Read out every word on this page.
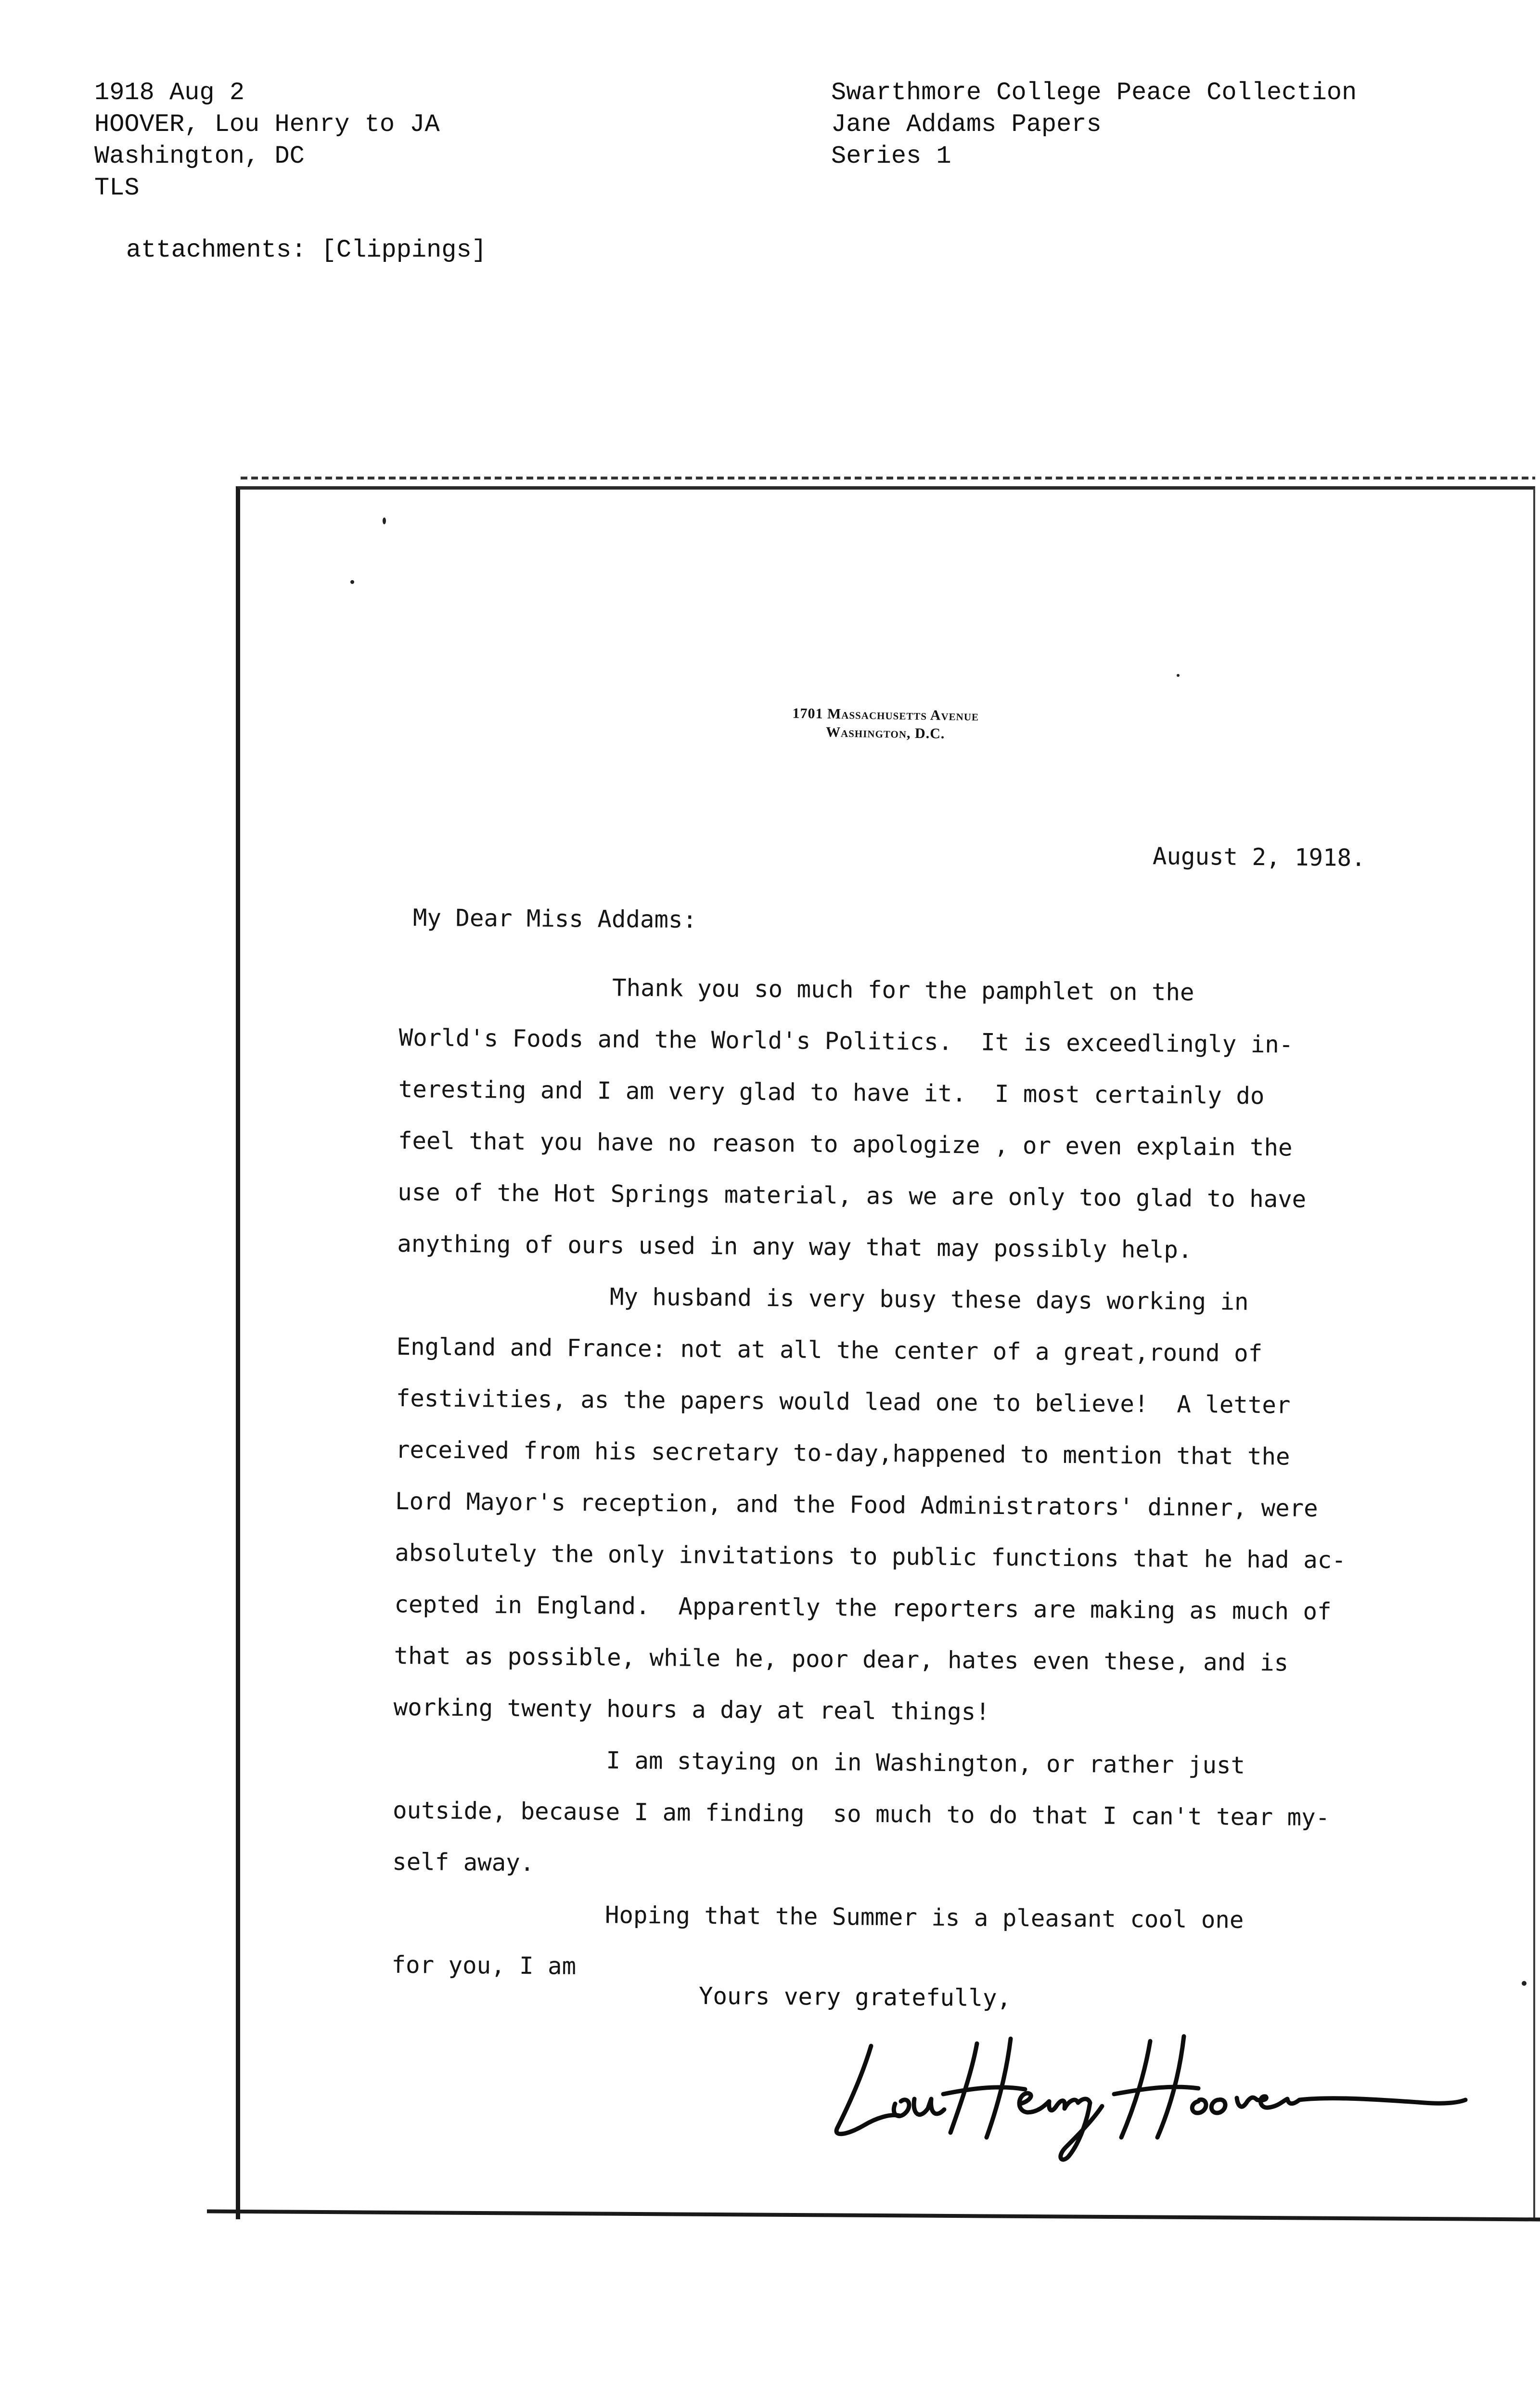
1918 Aug 2
HOOVER, Lou Henry to JA
Washington, DC
TLS
Swarthmore College Peace Collection
Jane Addams Papers
Series 1
attachments: [Clippings]
1701 Massachusetts Avenue
Washington, D.C.
August 2, 1918.
My Dear Miss Addams:
Thank you so much for the pamphlet on the
World's Foods and the World's Politics.  It is exceedlingly in-
teresting and I am very glad to have it.  I most certainly do
feel that you have no reason to apologize , or even explain the
use of the Hot Springs material, as we are only too glad to have
anything of ours used in any way that may possibly help.
My husband is very busy these days working in
England and France: not at all the center of a great,round of
festivities, as the papers would lead one to believe!  A letter
received from his secretary to-day,happened to mention that the
Lord Mayor's reception, and the Food Administrators' dinner, were
absolutely the only invitations to public functions that he had ac-
cepted in England.  Apparently the reporters are making as much of
that as possible, while he, poor dear, hates even these, and is
working twenty hours a day at real things!
I am staying on in Washington, or rather just
outside, because I am finding  so much to do that I can't tear my-
self away.
Hoping that the Summer is a pleasant cool one
for you, I am
Yours very gratefully,
